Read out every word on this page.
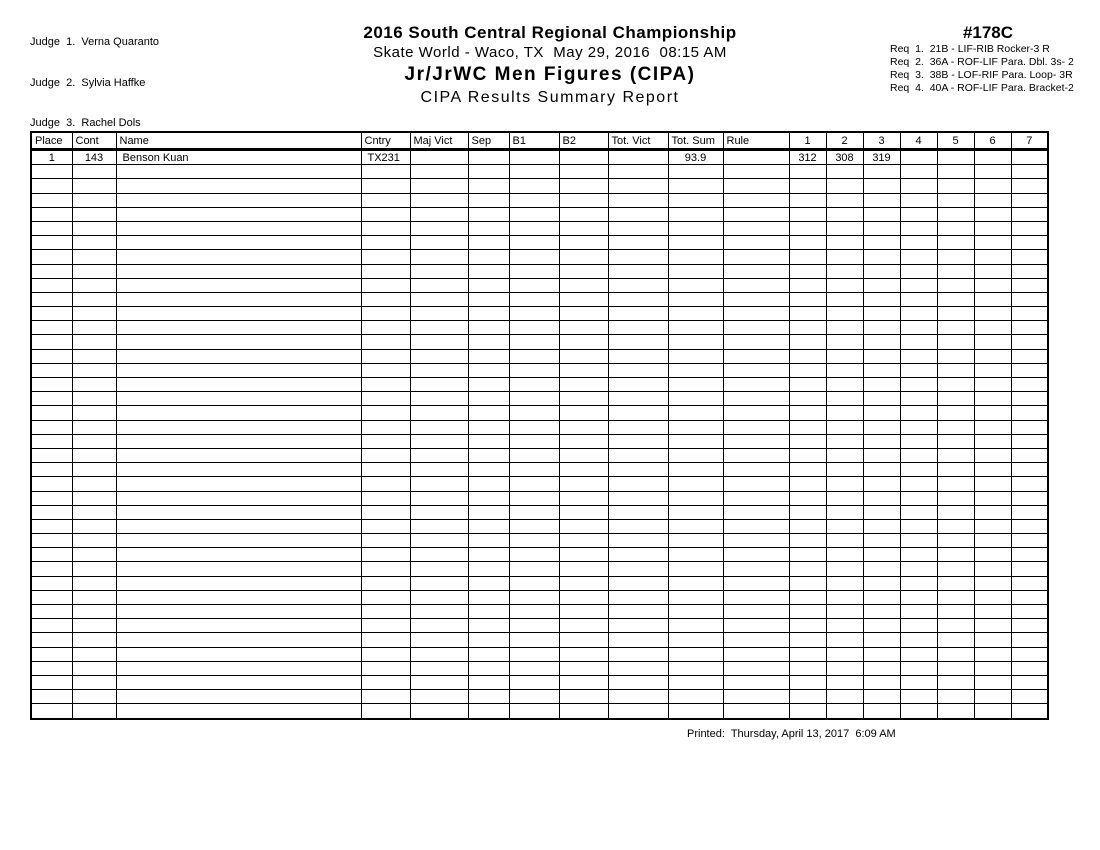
Judge  1.  Verna Quaranto

Judge  2.  Sylvia Haffke

Judge  3.  Rachel Dols

2016 South Central Regional Championship
Skate World - Waco, TX  May 29, 2016  08:15 AM
Jr/JrWC Men Figures (CIPA)
CIPA Results Summary Report
#178C
Req  1.  21B - LIF-RIB Rocker-3 R
Req  2.  36A - ROF-LIF Para. Dbl. 3s- 2
Req  3.  38B - LOF-RIF Para. Loop- 3R
Req  4.  40A - ROF-LIF Para. Bracket-2
Place	Cont	Name	Cntry	Maj Vict	Sep	B1	B2	Tot. Vict	Tot. Sum	Rule	1	2	3	4	5	6	7
1	143	Benson Kuan	TX231						93.9		312	308	319				

Printed:  Thursday, April 13, 2017  6:09 AM
